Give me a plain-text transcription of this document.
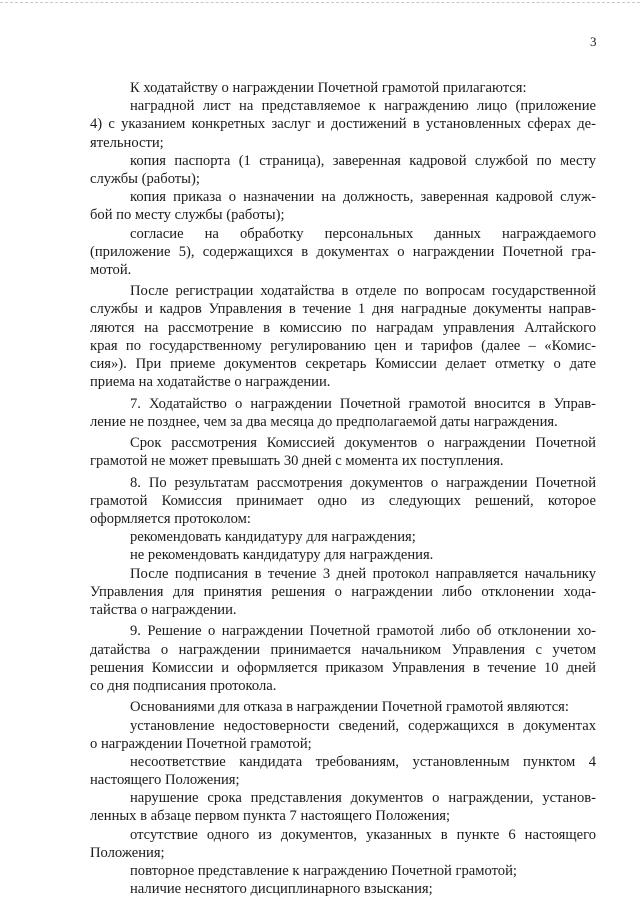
3
К ходатайству о награждении Почетной грамотой прилагаются:
наградной лист на представляемое к награждению лицо (приложение
4) с указанием конкретных заслуг и достижений в установленных сферах де-
ятельности;
копия паспорта (1 страница), заверенная кадровой службой по месту
службы (работы);
копия приказа о назначении на должность, заверенная кадровой служ-
бой по месту службы (работы);
согласие на обработку персональных данных награждаемого
(приложение 5), содержащихся в документах о награждении Почетной гра-
мотой.
После регистрации ходатайства в отделе по вопросам государственной
службы и кадров Управления в течение 1 дня наградные документы направ-
ляются на рассмотрение в комиссию по наградам управления Алтайского
края по государственному регулированию цен и тарифов (далее – «Комис-
сия»). При приеме документов секретарь Комиссии делает отметку о дате
приема на ходатайстве о награждении.
7. Ходатайство о награждении Почетной грамотой вносится в Управ-
ление не позднее, чем за два месяца до предполагаемой даты награждения.
Срок рассмотрения Комиссией документов о награждении Почетной
грамотой не может превышать 30 дней с момента их поступления.
8. По результатам рассмотрения документов о награждении Почетной
грамотой Комиссия принимает одно из следующих решений, которое
оформляется протоколом:
рекомендовать кандидатуру для награждения;
не рекомендовать кандидатуру для награждения.
После подписания в течение 3 дней протокол направляется начальнику
Управления для принятия решения о награждении либо отклонении хода-
тайства о награждении.
9. Решение о награждении Почетной грамотой либо об отклонении хо-
датайства о награждении принимается начальником Управления с учетом
решения Комиссии и оформляется приказом Управления в течение 10 дней
со дня подписания протокола.
Основаниями для отказа в награждении Почетной грамотой являются:
установление недостоверности сведений, содержащихся в документах
о награждении Почетной грамотой;
несоответствие кандидата требованиям, установленным пунктом 4
настоящего Положения;
нарушение срока представления документов о награждении, установ-
ленных в абзаце первом пункта 7 настоящего Положения;
отсутствие одного из документов, указанных в пункте 6 настоящего
Положения;
повторное представление к награждению Почетной грамотой;
наличие неснятого дисциплинарного взыскания;
